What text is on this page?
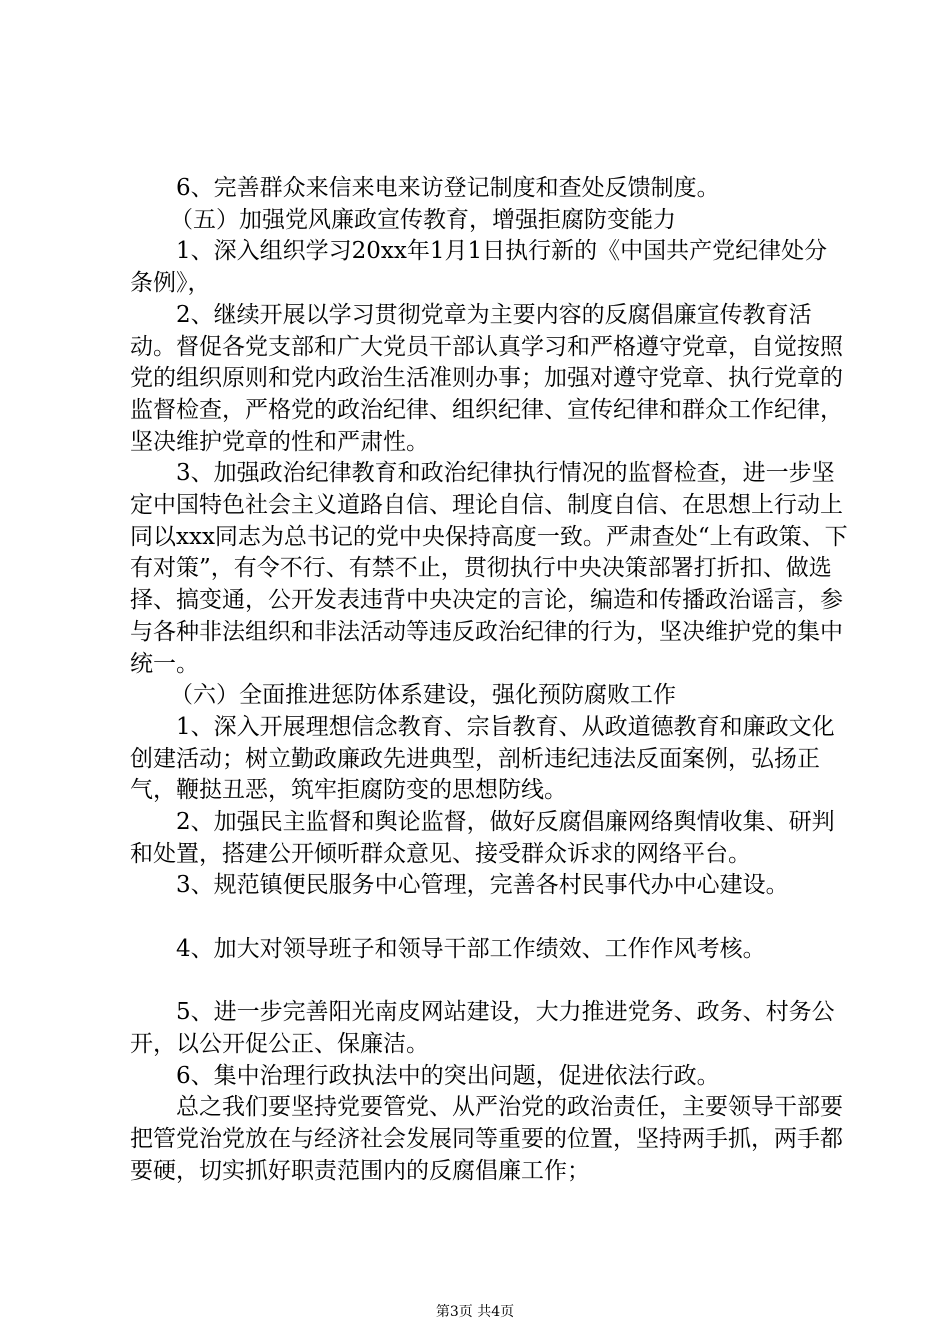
6、完善群众来信来电来访登记制度和查处反馈制度。

（五）加强党风廉政宣传教育，增强拒腐防变能力

1、深入组织学习20xx年1月1日执行新的《中国共产党纪律处分条例》，

2、继续开展以学习贯彻党章为主要内容的反腐倡廉宣传教育活动。督促各党支部和广大党员干部认真学习和严格遵守党章，自觉按照党的组织原则和党内政治生活准则办事；加强对遵守党章、执行党章的监督检查，严格党的政治纪律、组织纪律、宣传纪律和群众工作纪律，坚决维护党章的性和严肃性。

3、加强政治纪律教育和政治纪律执行情况的监督检查，进一步坚定中国特色社会主义道路自信、理论自信、制度自信、在思想上行动上同以xxx同志为总书记的党中央保持高度一致。严肃查处“上有政策、下有对策”，有令不行、有禁不止，贯彻执行中央决策部署打折扣、做选择、搞变通，公开发表违背中央决定的言论，编造和传播政治谣言，参与各种非法组织和非法活动等违反政治纪律的行为，坚决维护党的集中统一。

（六）全面推进惩防体系建设，强化预防腐败工作

1、深入开展理想信念教育、宗旨教育、从政道德教育和廉政文化创建活动；树立勤政廉政先进典型，剖析违纪违法反面案例，弘扬正气，鞭挞丑恶，筑牢拒腐防变的思想防线。

2、加强民主监督和舆论监督，做好反腐倡廉网络舆情收集、研判和处置，搭建公开倾听群众意见、接受群众诉求的网络平台。

3、规范镇便民服务中心管理，完善各村民事代办中心建设。

4、加大对领导班子和领导干部工作绩效、工作作风考核。

5、进一步完善阳光南皮网站建设，大力推进党务、政务、村务公开，以公开促公正、保廉洁。

6、集中治理行政执法中的突出问题，促进依法行政。

总之我们要坚持党要管党、从严治党的政治责任，主要领导干部要把管党治党放在与经济社会发展同等重要的位置，坚持两手抓，两手都要硬，切实抓好职责范围内的反腐倡廉工作；

第3页 共4页
